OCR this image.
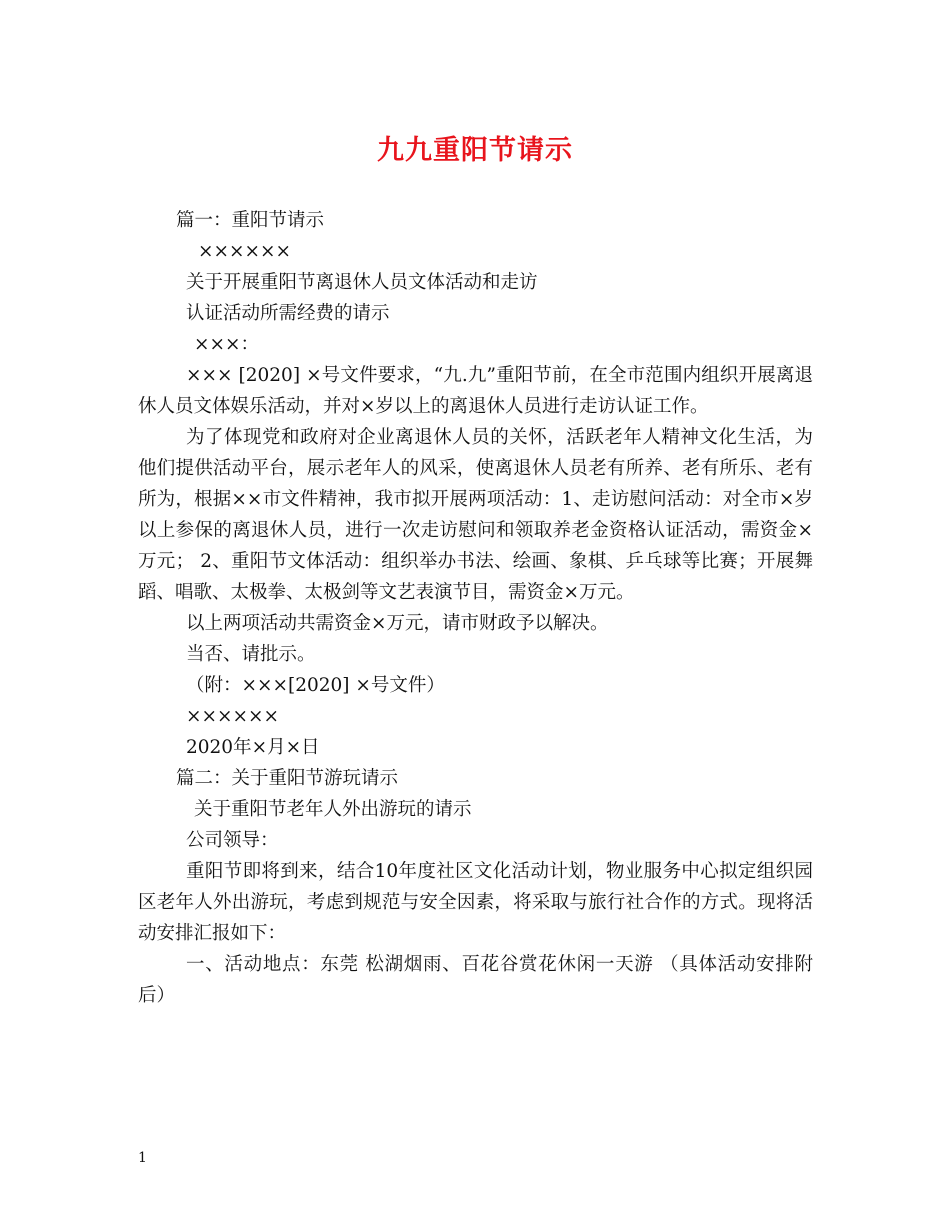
九九重阳节请示

篇一：重阳节请示

××××××

关于开展重阳节离退休人员文体活动和走访

认证活动所需经费的请示

×××：

××× [2020] ×号文件要求，“九.九”重阳节前，在全市范围内组织开展离退休人员文体娱乐活动，并对×岁以上的离退休人员进行走访认证工作。

为了体现党和政府对企业离退休人员的关怀，活跃老年人精神文化生活，为他们提供活动平台，展示老年人的风采，使离退休人员老有所养、老有所乐、老有所为，根据××市文件精神，我市拟开展两项活动：1、走访慰问活动：对全市×岁以上参保的离退休人员，进行一次走访慰问和领取养老金资格认证活动，需资金×万元； 2、重阳节文体活动：组织举办书法、绘画、象棋、乒乓球等比赛；开展舞蹈、唱歌、太极拳、太极剑等文艺表演节目，需资金×万元。

以上两项活动共需资金×万元，请市财政予以解决。

当否、请批示。

（附：×××[2020] ×号文件）

××××××

2020年×月×日

篇二：关于重阳节游玩请示

关于重阳节老年人外出游玩的请示

公司领导：

重阳节即将到来，结合10年度社区文化活动计划，物业服务中心拟定组织园区老年人外出游玩，考虑到规范与安全因素，将采取与旅行社合作的方式。现将活动安排汇报如下：

一、活动地点：东莞 松湖烟雨、百花谷赏花休闲一天游 （具体活动安排附后）

1
